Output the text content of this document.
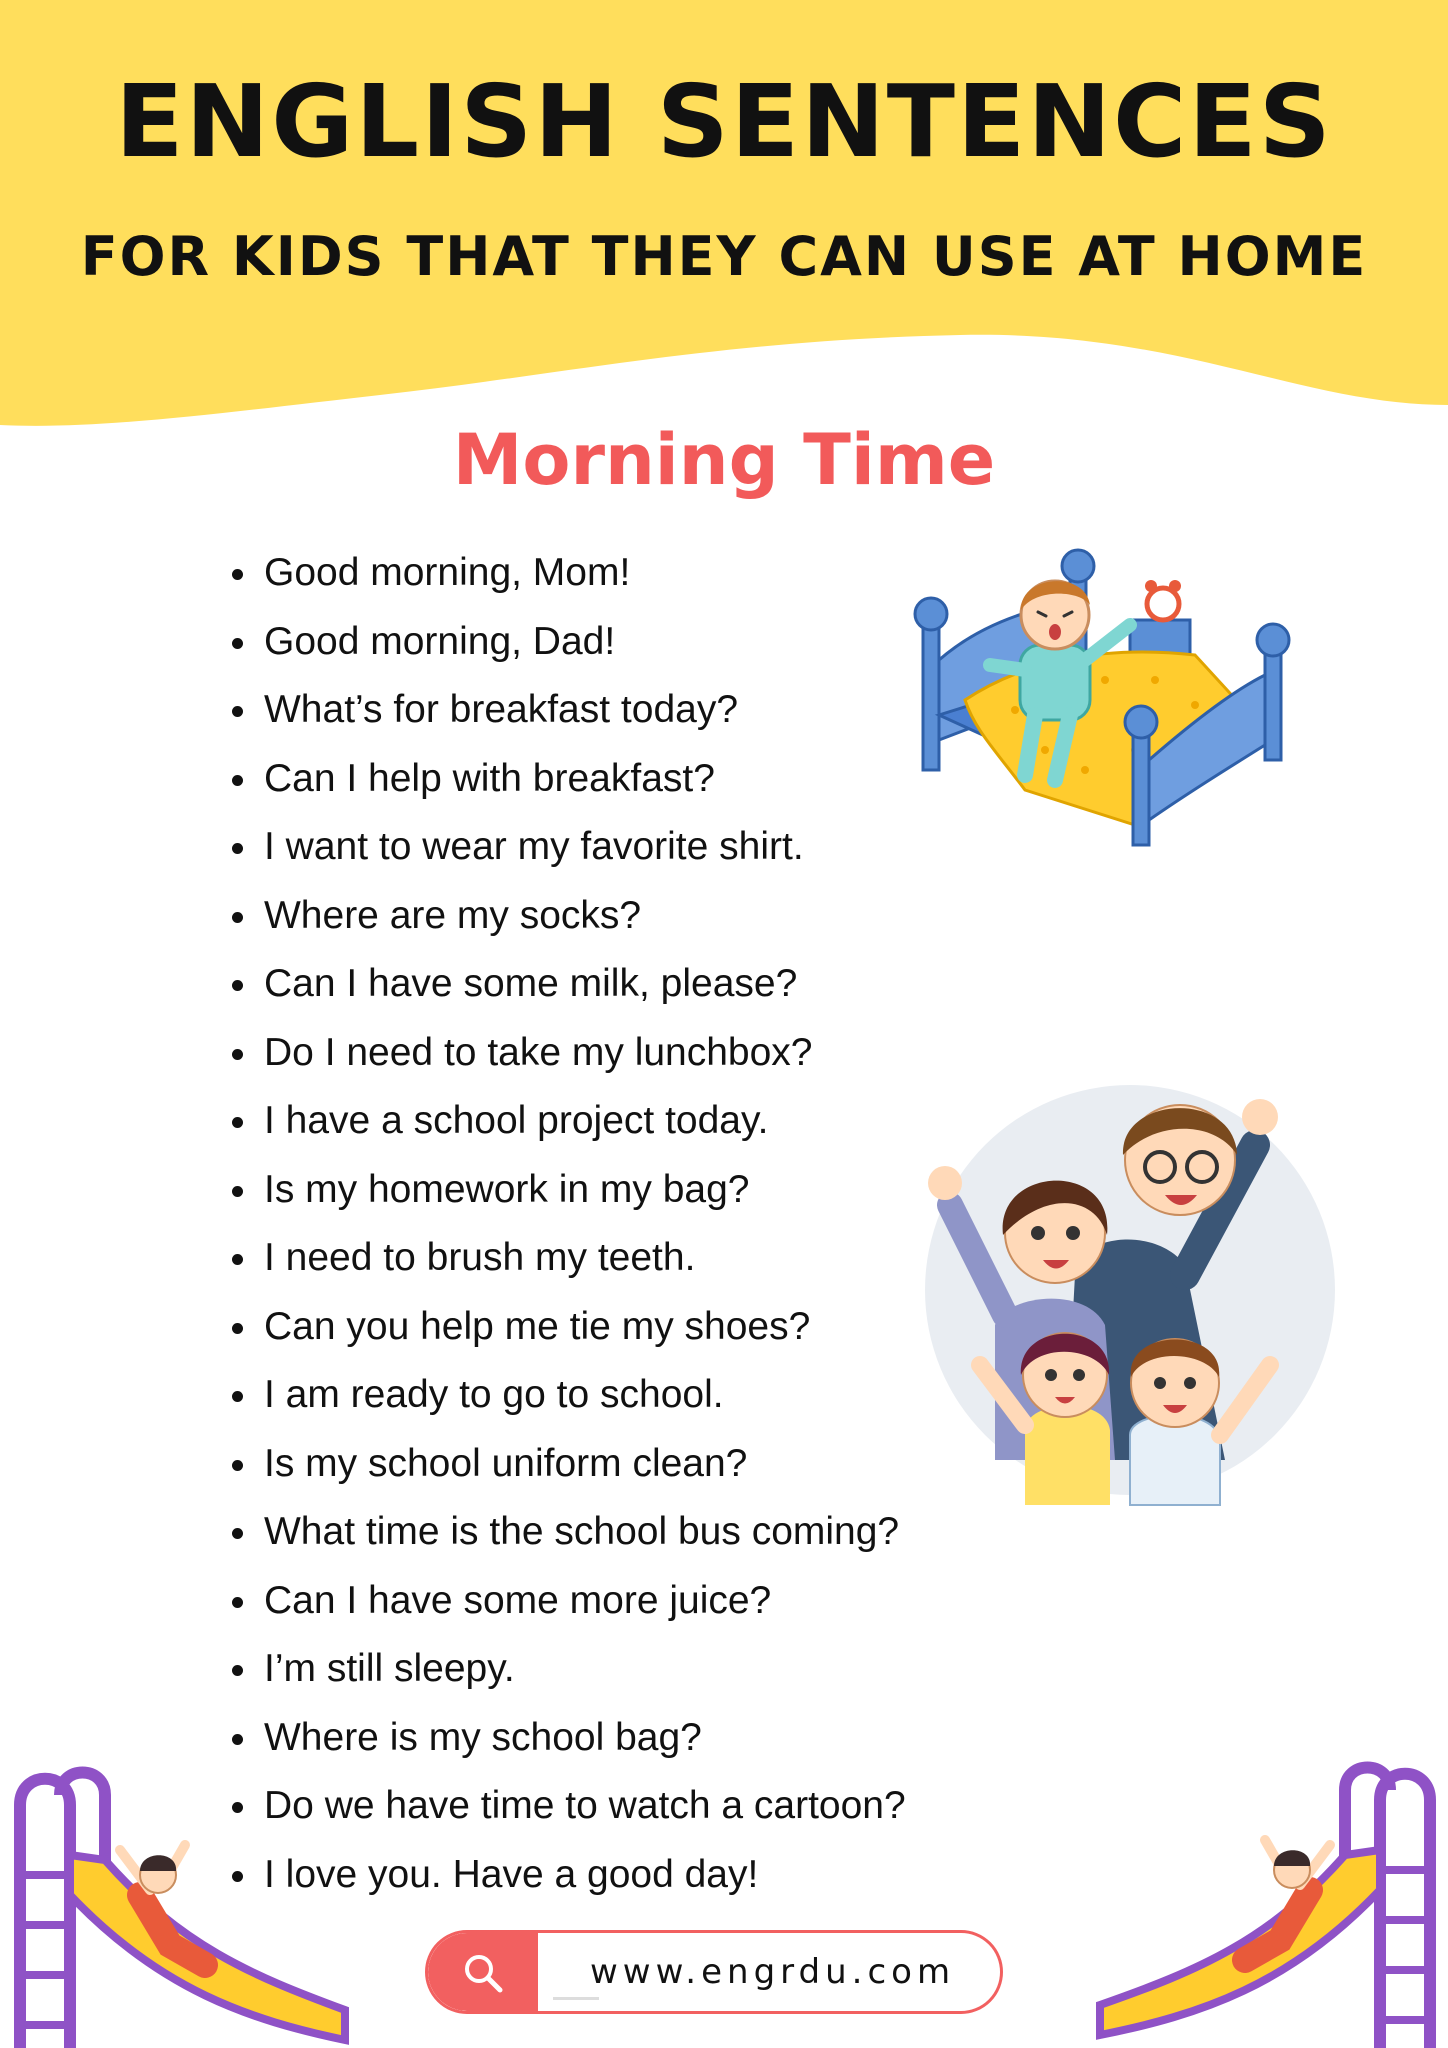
ENGLISH SENTENCES
FOR KIDS THAT THEY CAN USE AT HOME
Morning Time
Good morning, Mom!
Good morning, Dad!
What’s for breakfast today?
Can I help with breakfast?
I want to wear my favorite shirt.
Where are my socks?
Can I have some milk, please?
Do I need to take my lunchbox?
I have a school project today.
Is my homework in my bag?
I need to brush my teeth.
Can you help me tie my shoes?
I am ready to go to school.
Is my school uniform clean?
What time is the school bus coming?
Can I have some more juice?
I’m still sleepy.
Where is my school bag?
Do we have time to watch a cartoon?
I love you. Have a good day!
www.engrdu.com
